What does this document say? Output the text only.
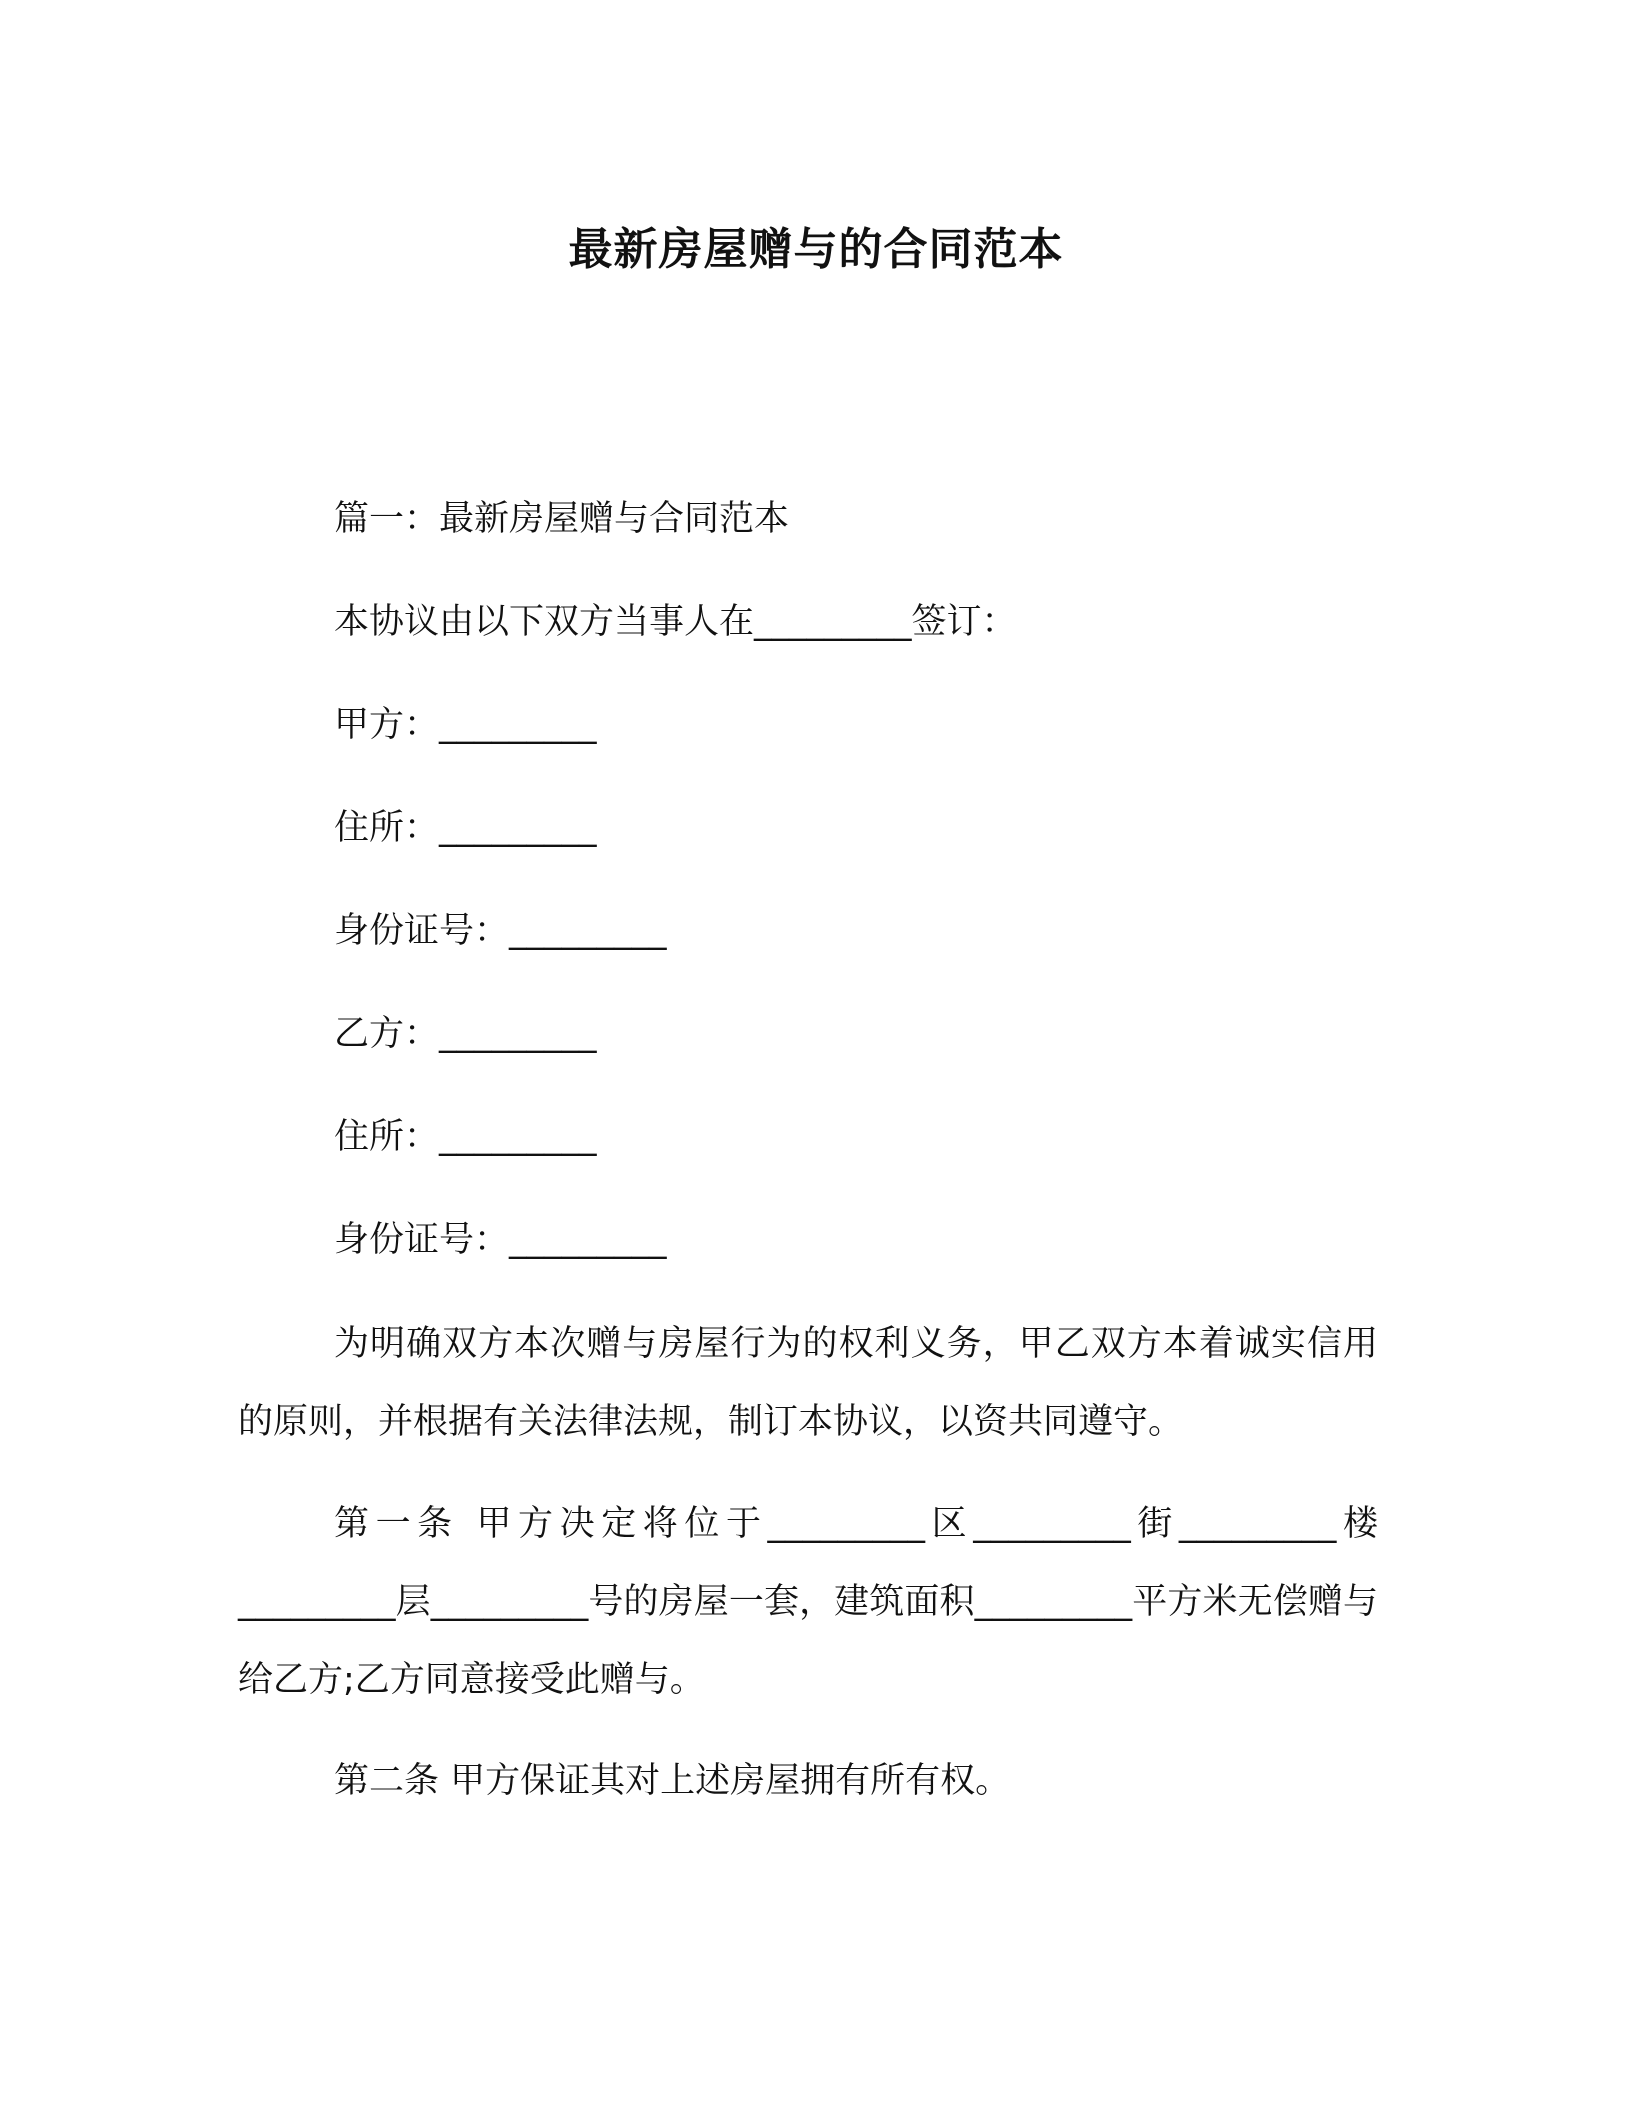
最新房屋赠与的合同范本
篇一：最新房屋赠与合同范本
本协议由以下双方当事人在_________签订：
甲方：_________
住所：_________
身份证号：_________
乙方：_________
住所：_________
身份证号：_________
为明确双方本次赠与房屋行为的权利义务，甲乙双方本着诚实信用的原则，并根据有关法律法规，制订本协议，以资共同遵守。
第一条 甲方决定将位于_________区_________街_________楼_________层_________号的房屋一套，建筑面积_________平方米无偿赠与给乙方;乙方同意接受此赠与。
第二条 甲方保证其对上述房屋拥有所有权。
